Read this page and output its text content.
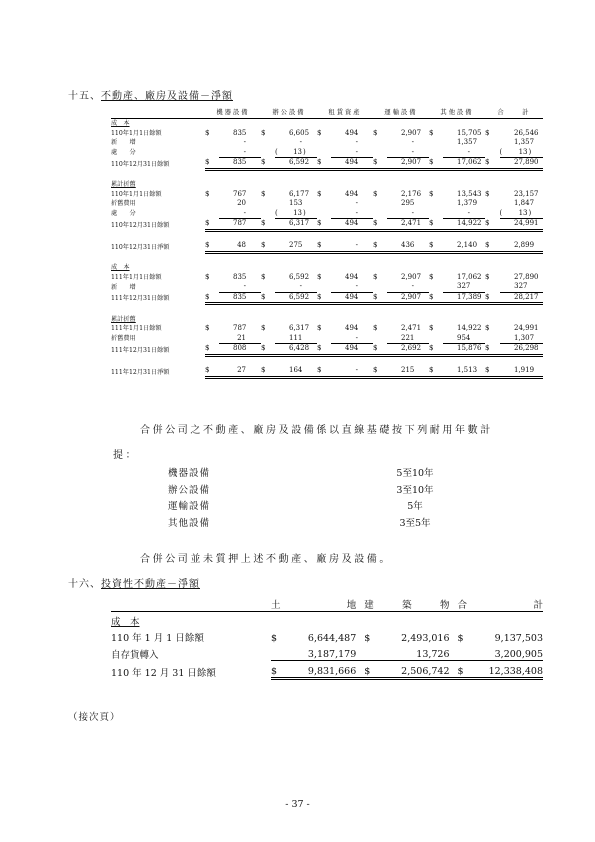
十五、不動產、廠房及設備－淨額
	機器設備				辦公設備				租賃資產				運輸設備				其他設備				合　　計			
成　本																								
110年1月1日餘額	$		835		$		6,605		$		494		$		2,907		$		15,705		$		26,546	
新　　增			-				-				-				-				1,357				1,357	
處　　分			-			(	13	)			-				-				-			(	13	)
110年12月31日餘額	$		835		$		6,592		$		494		$		2,907		$		17,062		$		27,890	

累計折舊																								
110年1月1日餘額	$		767		$		6,177		$		494		$		2,176		$		13,543		$		23,157	
折舊費用			20				153				-				295				1,379				1,847	
處　　分			-			(	13	)			-				-				-			(	13	)
110年12月31日餘額	$		787		$		6,317		$		494		$		2,471		$		14,922		$		24,991	

110年12月31日淨額	$		48		$		275		$		-		$		436		$		2,140		$		2,899	

成　本																								
111年1月1日餘額	$		835		$		6,592		$		494		$		2,907		$		17,062		$		27,890	
新　　增			-				-				-				-				327				327	
111年12月31日餘額	$		835		$		6,592		$		494		$		2,907		$		17,389		$		28,217	

累計折舊																								
111年1月1日餘額	$		787		$		6,317		$		494		$		2,471		$		14,922		$		24,991	
折舊費用			21				111				-				221				954				1,307	
111年12月31日餘額	$		808		$		6,428		$		494		$		2,692		$		15,876		$		26,298	

111年12月31日淨額	$		27		$		164		$		-		$		215		$		1,513		$		1,919	
合併公司之不動產、廠房及設備係以直線基礎按下列耐用年數計
提：
機器設備	5至10年
辦公設備	3至10年
運輸設備	5年
其他設備	3至5年
合併公司並未質押上述不動產、廠房及設備。
十六、投資性不動產－淨額

	土 地		建 築 物		合 計	

成　本						
110 年 1 月 1 日餘額	$	6,644,487	$	2,493,016	$	9,137,503
自存貨轉入		3,187,179		13,726		3,200,905
110 年 12 月 31 日餘額	$	9,831,666	$	2,506,742	$	12,338,408
（接次頁）
- 37 -
